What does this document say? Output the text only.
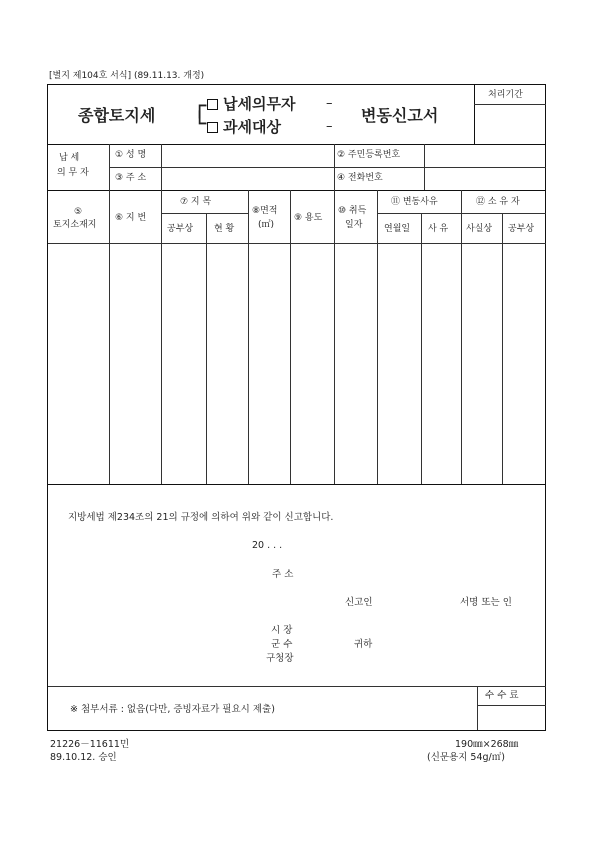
[별지 제104호 서식] (89.11.13. 개정)
종합토지세 ┌
└
납세의무자
과세대상
–
–
변동신고서
처리기간
납 세
의 무 자
① 성 명
③ 주 소
② 주민등록번호
④ 전화번호
⑤
토지소재지
⑥ 지 번
⑦ 지 목
공부상 현 황
⑧면적
(㎡)
⑨ 용도
⑩ 취득
일자
⑪ 변동사유
연월일 사 유
⑫ 소 유 자
사실상 공부상
지방세법 제234조의 21의 규정에 의하여 위와 같이 신고합니다.
20 . . .
주 소
신고인	서명 또는 인
시 장
군 수
구청장
귀하
※ 첨부서류 : 없음(다만, 증빙자료가 필요시 제출)
수 수 료
21226－11611민
89.10.12. 승인
190㎜×268㎜
(신문용지 54g/㎡)
